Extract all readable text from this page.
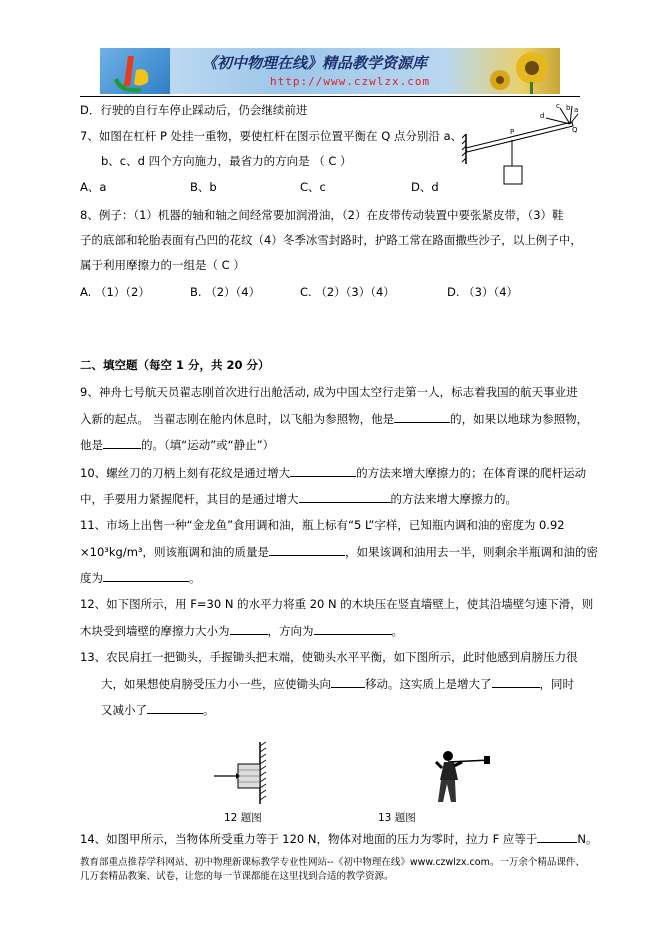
《初中物理在线》精品教学资源库
http://www.czwlzx.com
D．行驶的自行车停止踩动后，仍会继续前进
7、如图在杠杆 P 处挂一重物，要使杠杆在图示位置平衡在 Q 点分别沿 a、
b、c、d 四个方向施力，最省力的方向是 （ C ）
A、a	B、b	C、c	D、d
P	Q
d
c b a
8、例子：（1）机器的轴和轴之间经常要加润滑油，（2）在皮带传动装置中要张紧皮带，（3）鞋
子的底部和轮胎表面有凸凹的花纹（4）冬季冰雪封路时，护路工常在路面撒些沙子，以上例子中，
属于利用摩擦力的一组是（ C ）
A. （1）（2）	B. （2）（4）	C. （2）（3）（4）	D. （3）（4）
二、填空题（每空 1 分，共 20 分）
9、神舟七号航天员翟志刚首次进行出舱活动, 成为中国太空行走第一人，标志着我国的航天事业进
入新的起点。 当翟志刚在舱内休息时，以飞船为参照物，他是	的，如果以地球为参照物，
他是	的。（填“运动”或“静止”）
10、螺丝刀的刀柄上刻有花纹是通过增大	的方法来增大摩擦力的；在体育课的爬杆运动
中，手要用力紧握爬杆，其目的是通过增大	的方法来增大摩擦力的。
11、市场上出售一种“金龙鱼”食用调和油，瓶上标有“5 L”字样，已知瓶内调和油的密度为 0.92
×10³kg/m³，则该瓶调和油的质量是	，如果该调和油用去一半，则剩余半瓶调和油的密
度为	。
12、如下图所示，用 F=30 N 的水平力将重 20 N 的木块压在竖直墙壁上，使其沿墙壁匀速下滑，则
木块受到墙壁的摩擦力大小为	，方向为	。
13、农民肩扛一把锄头，手握锄头把末端，使锄头水平平衡，如下图所示，此时他感到肩膀压力很
大，如果想使肩膀受压力小一些，应使锄头向	移动。这实质上是增大了	，同时
又减小了	。
12 题图	13 题图
14、如图甲所示，当物体所受重力等于 120 N，物体对地面的压力为零时，拉力 F 应等于	N。
教育部重点推荐学科网站、初中物理新课标教学专业性网站--《初中物理在线》www.czwlzx.com。一万余个精品课件、
几万套精品教案、试卷，让您的每一节课都能在这里找到合适的教学资源。
